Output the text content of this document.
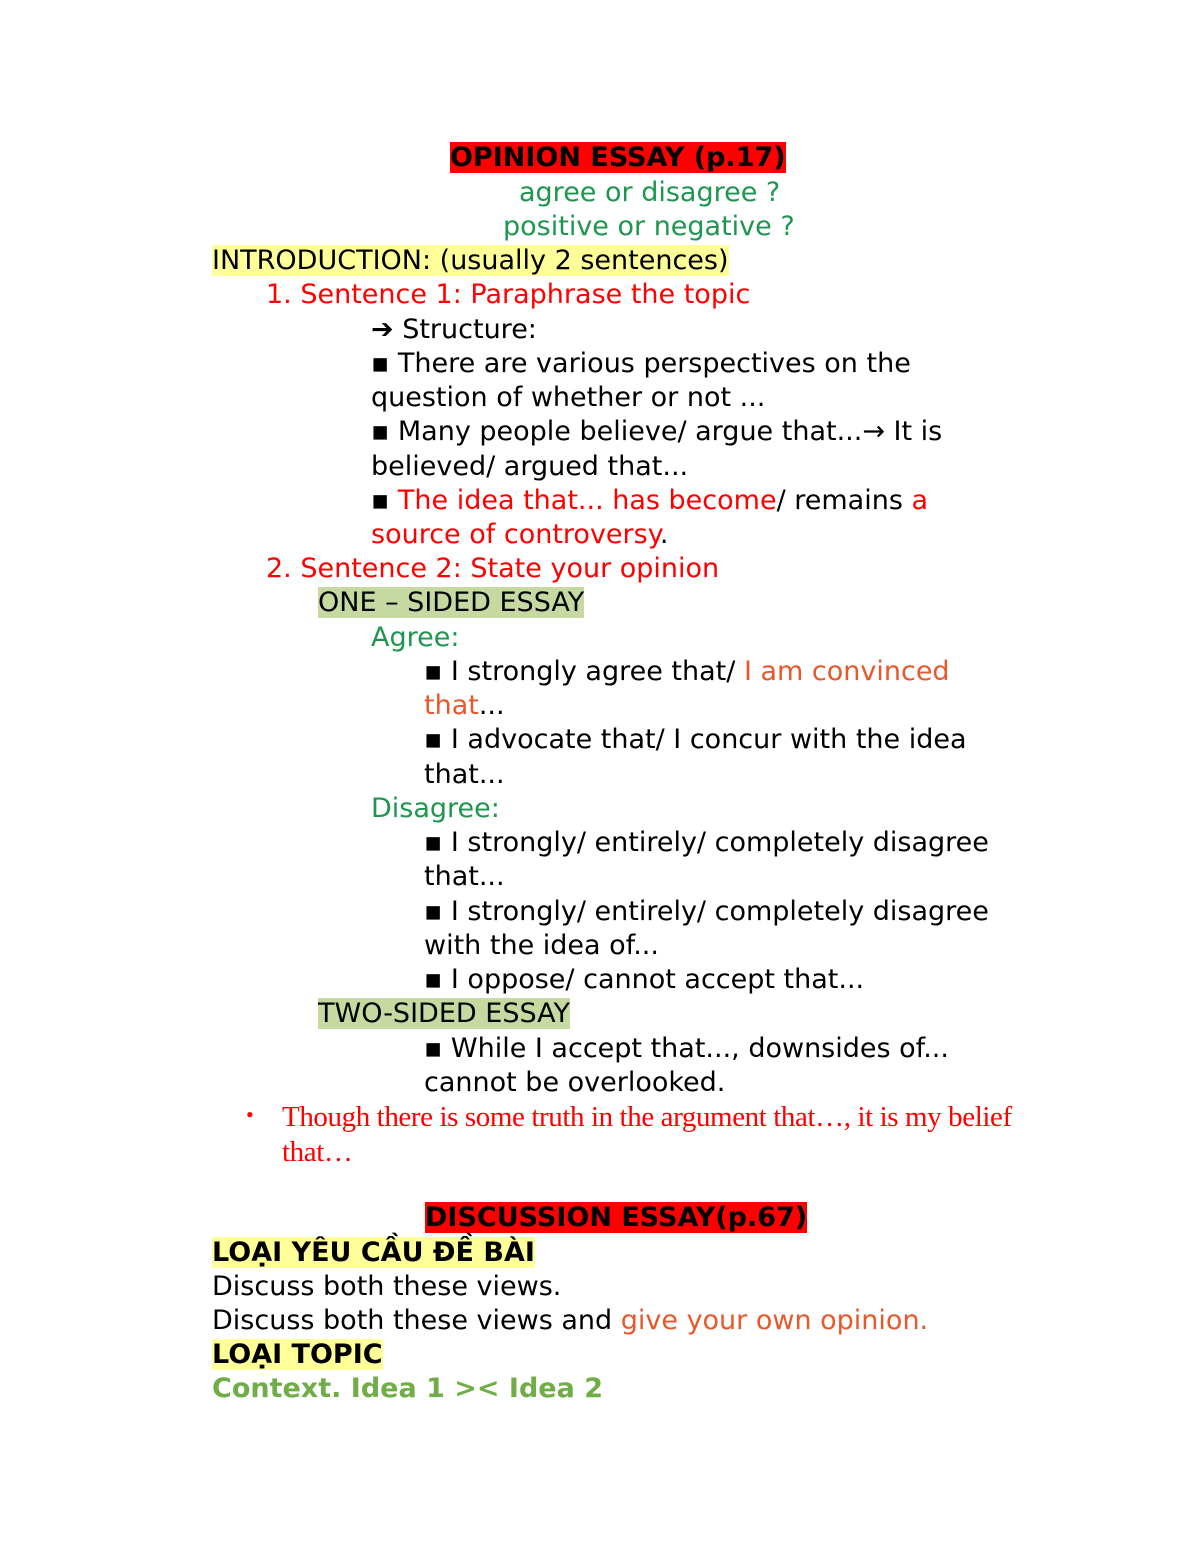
OPINION ESSAY (p.17)

agree or disagree ?

positive or negative ?

INTRODUCTION: (usually 2 sentences)

1. Sentence 1: Paraphrase the topic

➔ Structure:

▪ There are various perspectives on the

question of whether or not ...

▪ Many people believe/ argue that...→ It is

believed/ argued that...

▪ The idea that... has become/ remains a

source of controversy.

2. Sentence 2: State your opinion

ONE – SIDED ESSAY

Agree:

▪ I strongly agree that/ I am convinced

that...

▪ I advocate that/ I concur with the idea

that...

Disagree:

▪ I strongly/ entirely/ completely disagree

that...

▪ I strongly/ entirely/ completely disagree

with the idea of...

▪ I oppose/ cannot accept that...

TWO-SIDED ESSAY

▪ While I accept that..., downsides of...

cannot be overlooked.

• Though there is some truth in the argument that…, it is my belief

that…

DISCUSSION ESSAY(p.67)

LOẠI YÊU CẦU ĐỀ BÀI

Discuss both these views.

Discuss both these views and give your own opinion.

LOẠI TOPIC

Context. Idea 1 >< Idea 2
